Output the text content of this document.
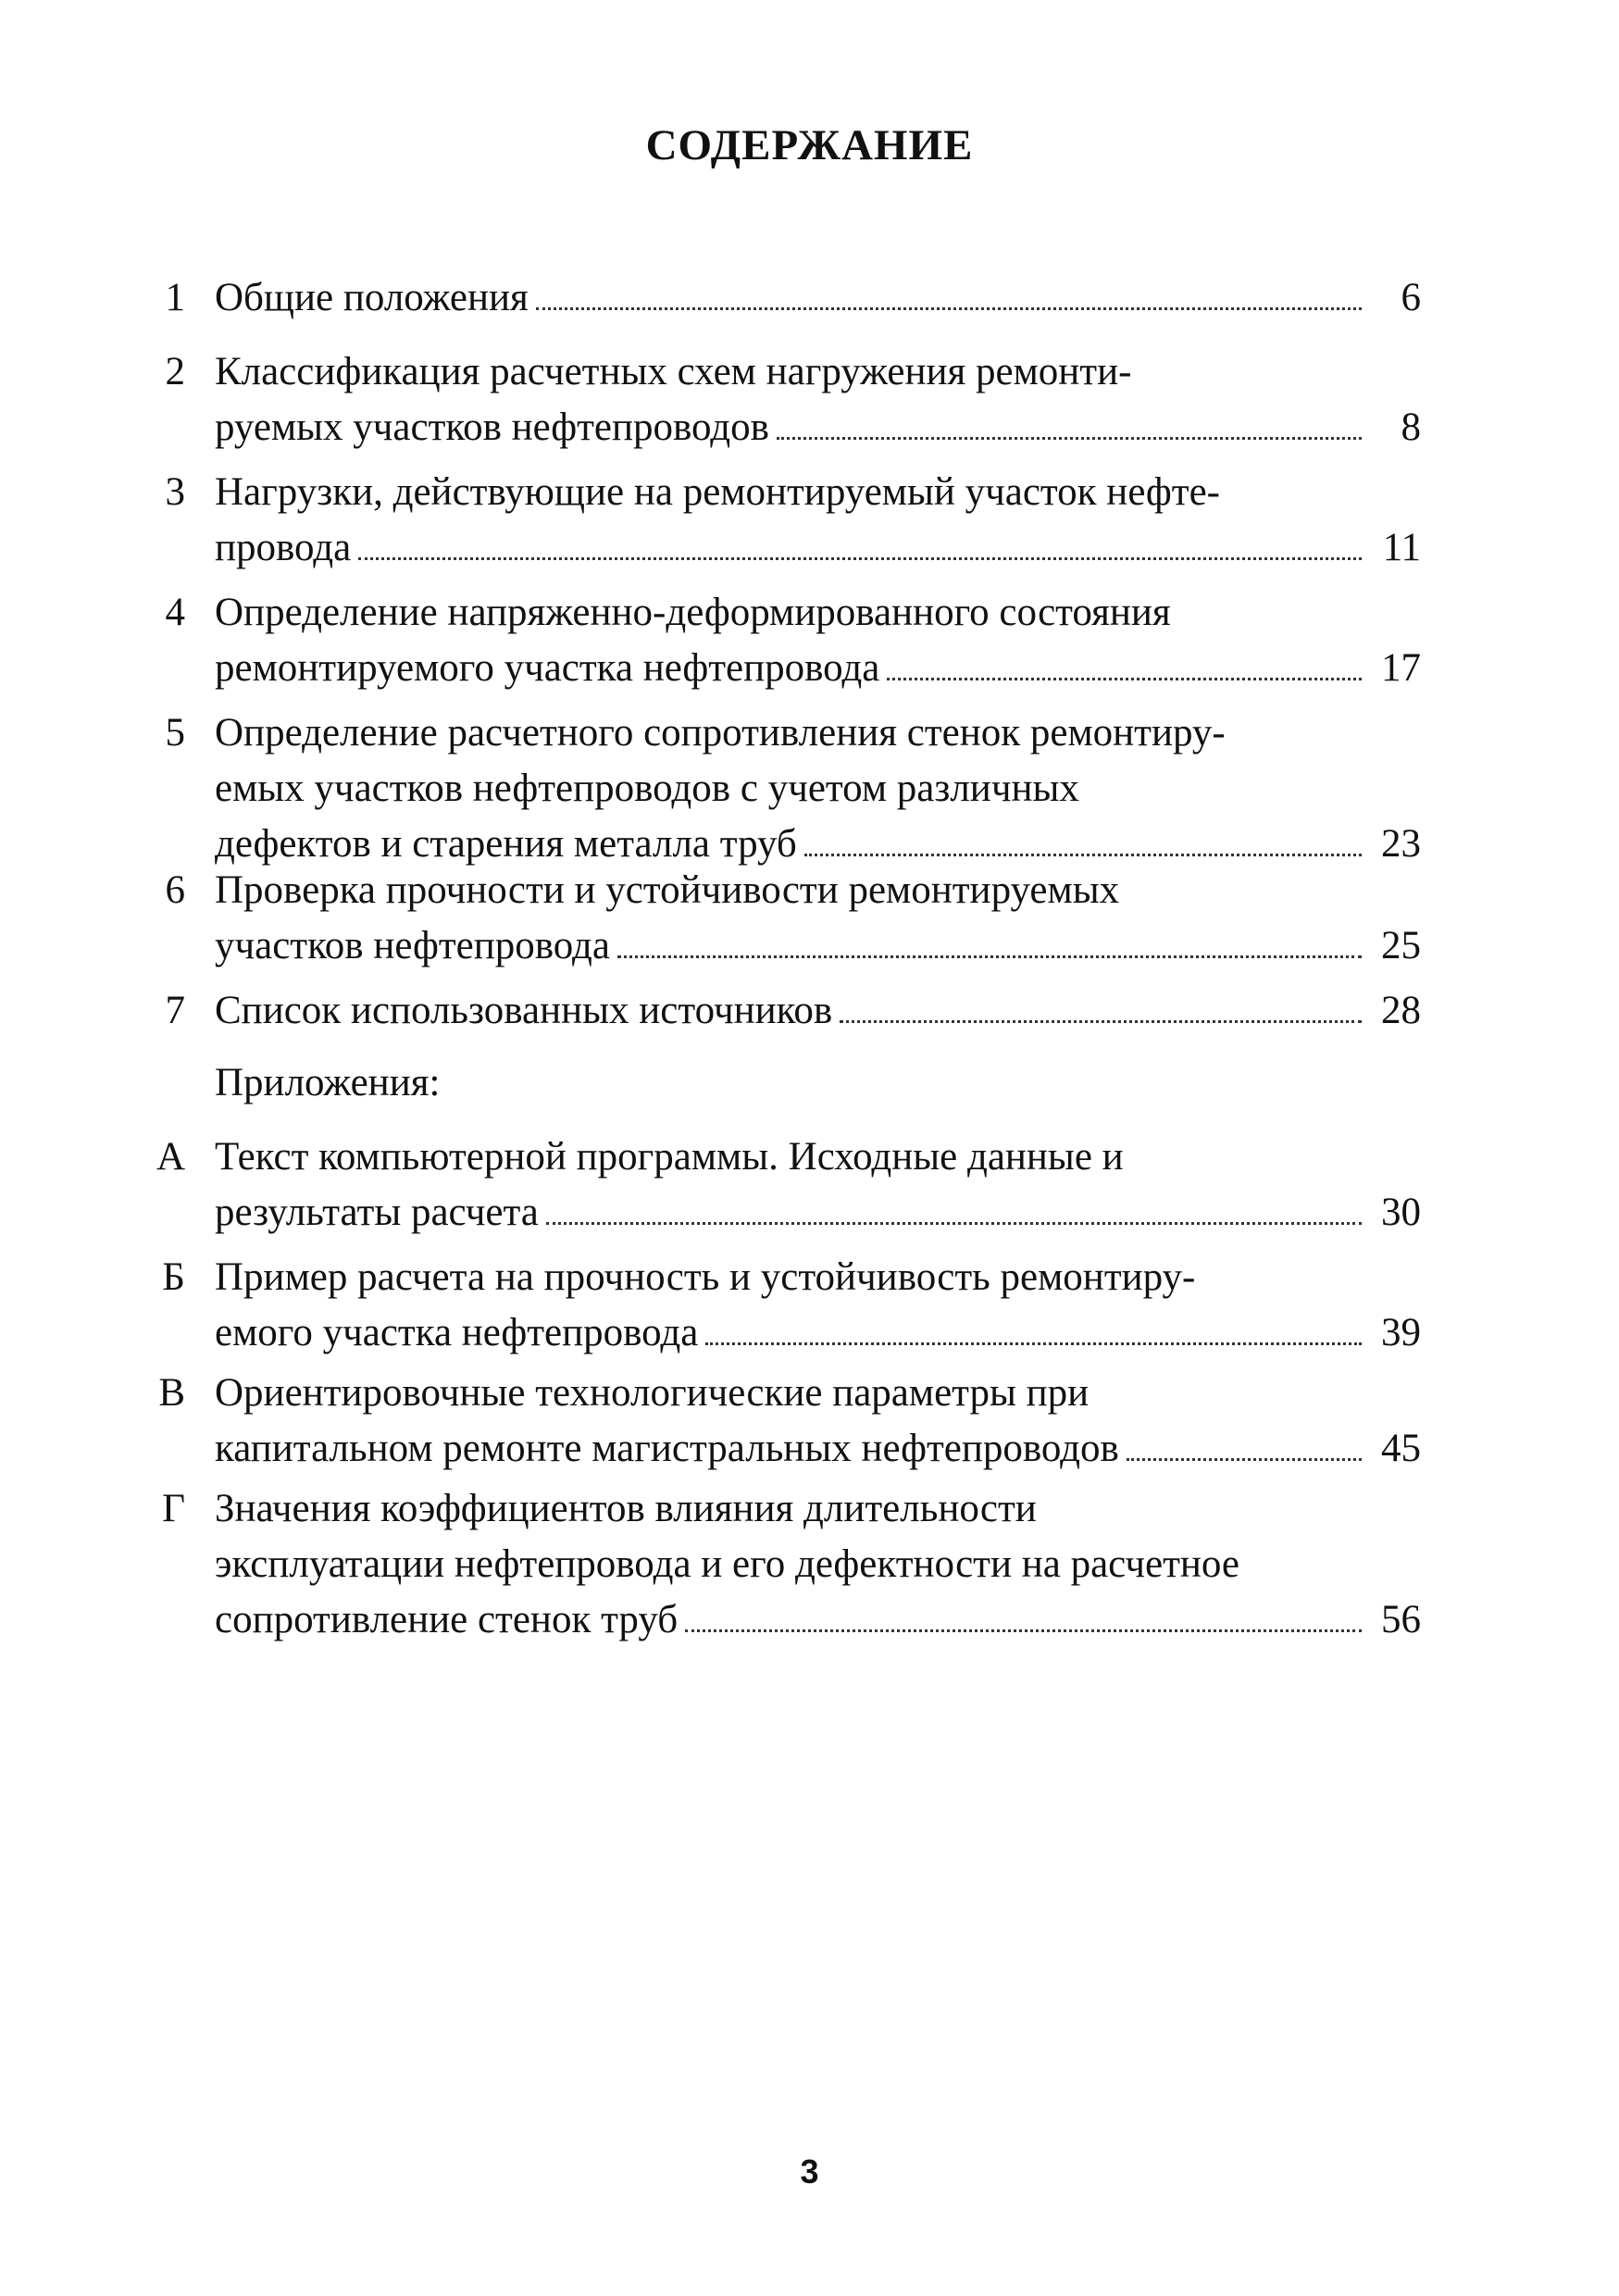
СОДЕРЖАНИЕ
1 Общие положения	6
2 Классификация расчетных схем нагружения ремонти-
руемых участков нефтепроводов	8
3 Нагрузки, действующие на ремонтируемый участок нефте-
провода	11
4 Определение напряженно-деформированного состояния
ремонтируемого участка нефтепровода	17
5 Определение расчетного сопротивления стенок ремонтиру-
емых участков нефтепроводов с учетом различных
дефектов и старения металла труб	23
6 Проверка прочности и устойчивости ремонтируемых
участков нефтепровода	25
7 Список использованных источников	28
Приложения:
А Текст компьютерной программы. Исходные данные и
результаты расчета	30
Б Пример расчета на прочность и устойчивость ремонтиру-
емого участка нефтепровода	39
В Ориентировочные технологические параметры при
капитальном ремонте магистральных нефтепроводов	45
Г Значения коэффициентов влияния длительности
эксплуатации нефтепровода и его дефектности на расчетное
сопротивление стенок труб	56
3
